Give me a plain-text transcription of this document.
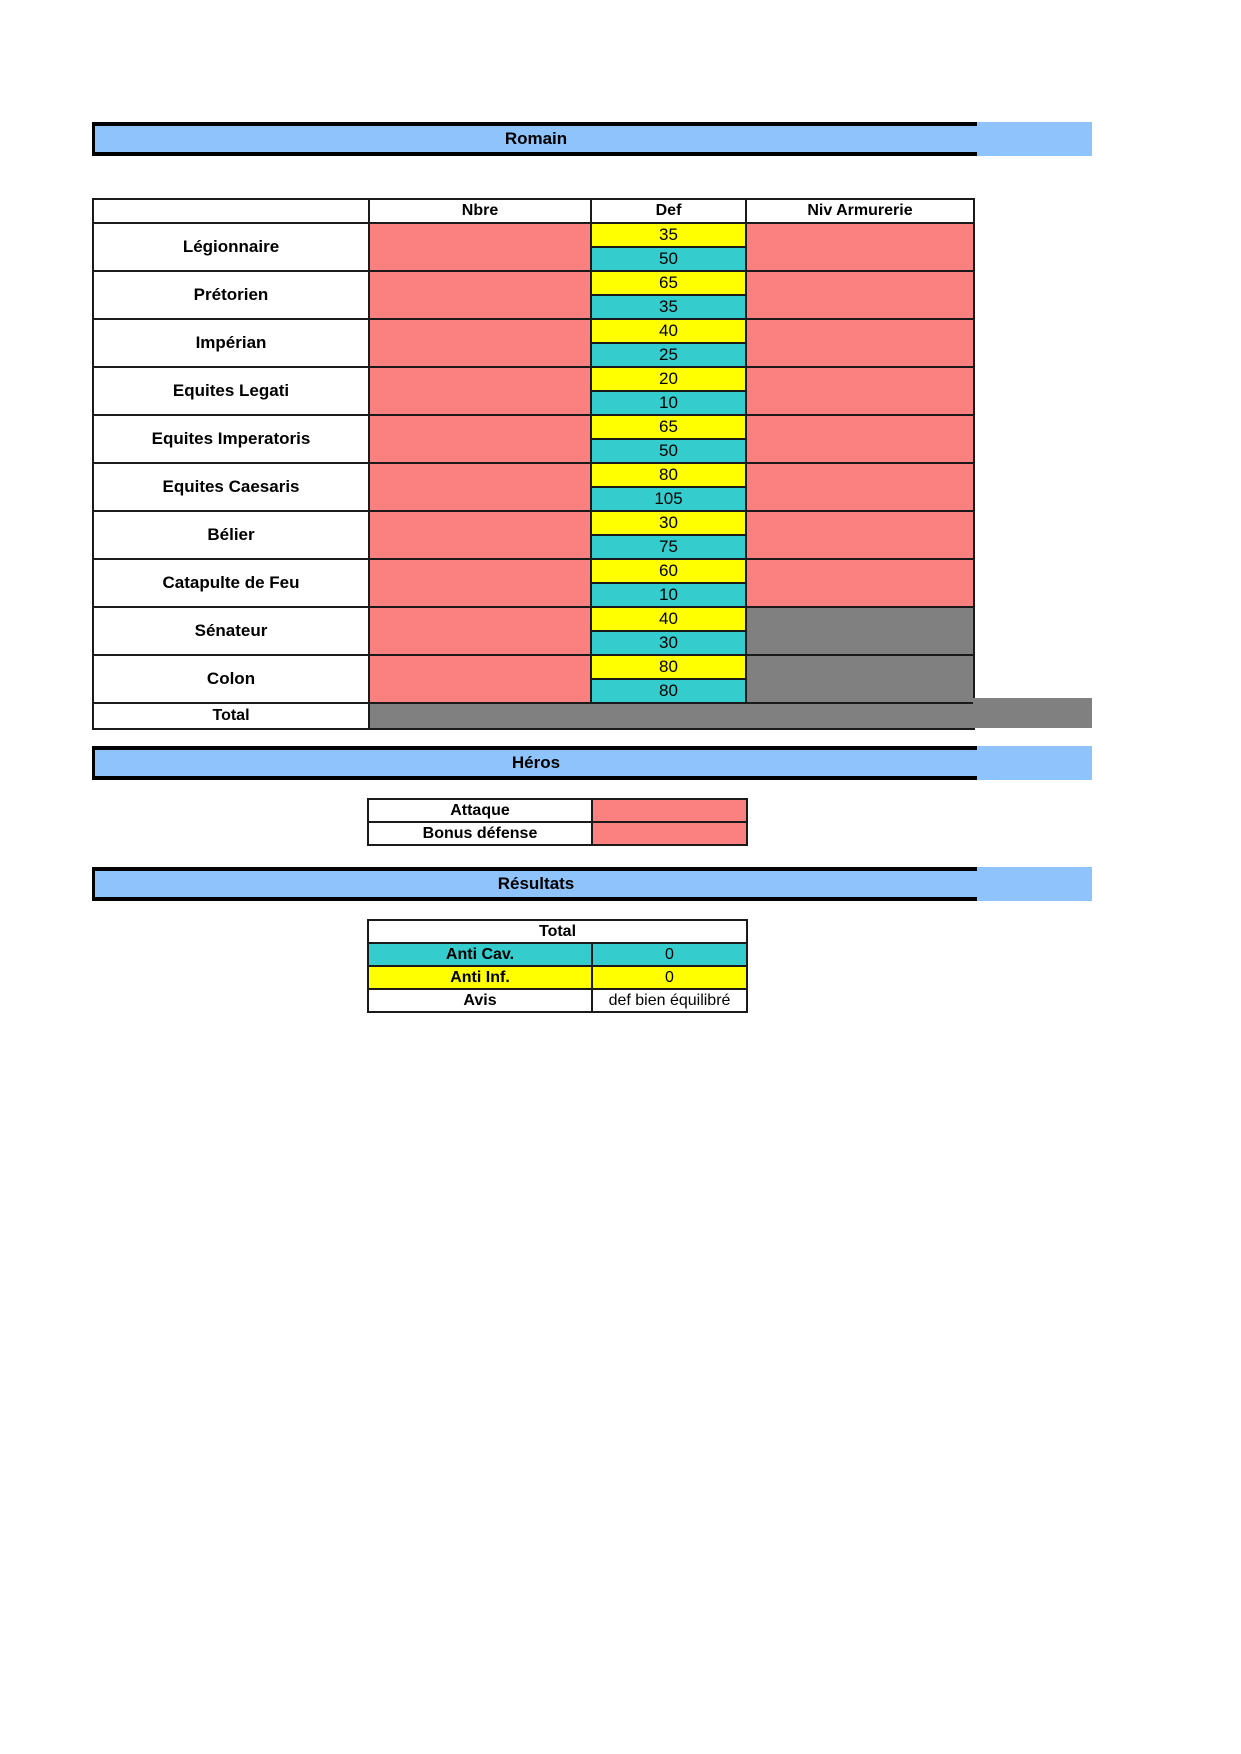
Romain
	Nbre	Def	Niv Armurerie
Légionnaire		35	
		50	
Prétorien		65	
		35	
Impérian		40	
		25	
Equites Legati		20	
		10	
Equites Imperatoris		65	
		50	
Equites Caesaris		80	
		105	
Bélier		30	
		75	
Catapulte de Feu		60	
		10	
Sénateur		40	
		30	
Colon		80	
		80	
Total			
Héros
Attaque	
Bonus défense	
Résultats
Total	
Anti Cav.	0
Anti Inf.	0
Avis	def bien équilibré
